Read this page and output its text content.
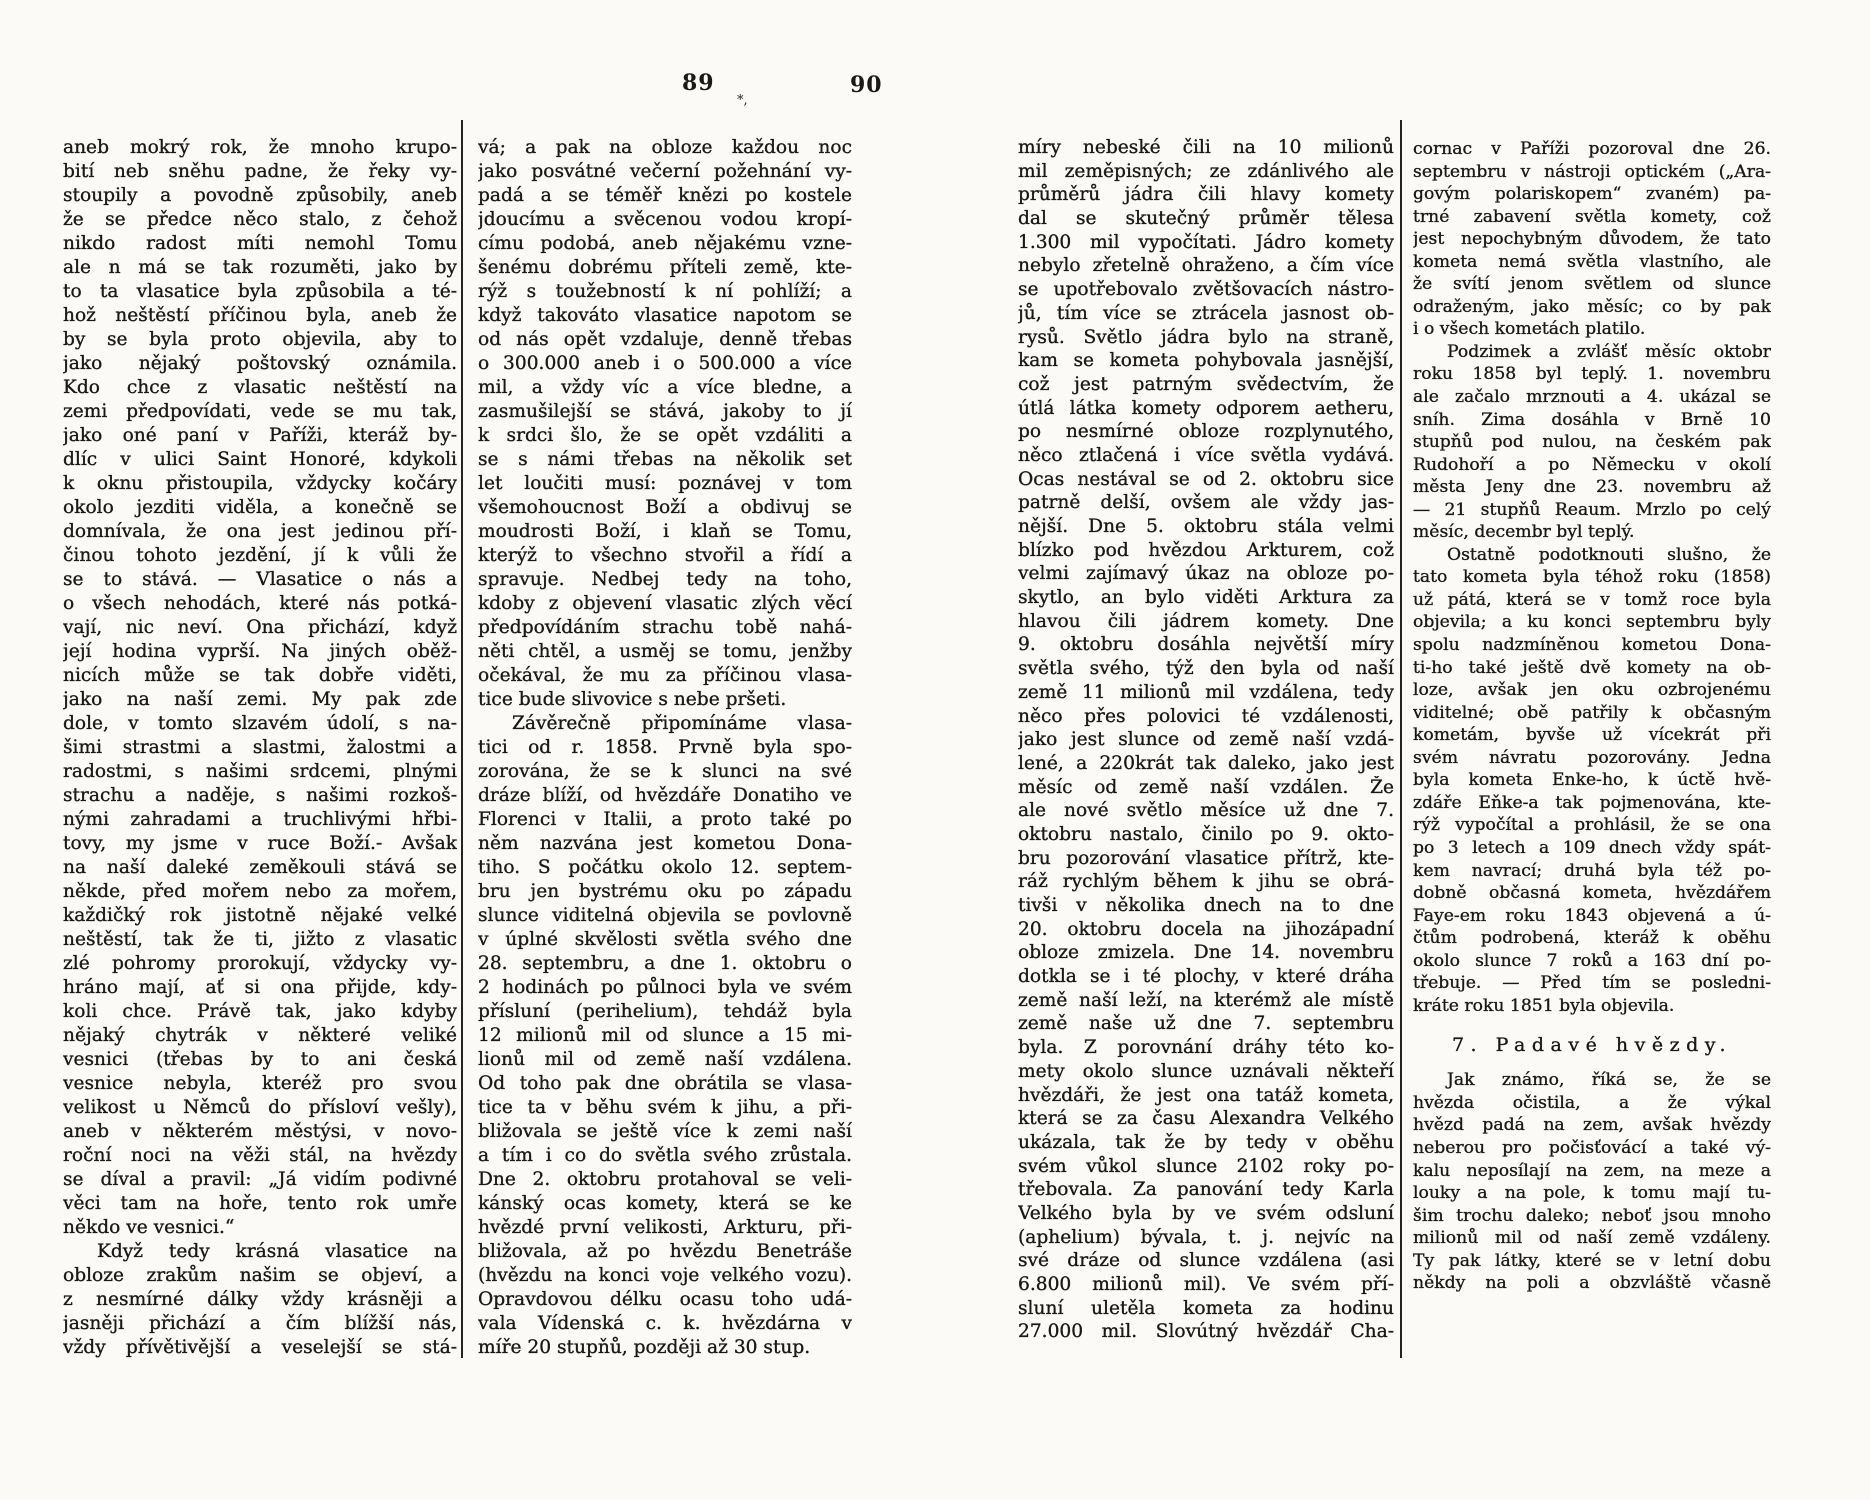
89	90
*,
aneb mokrý rok, že mnoho krupo-
bití neb sněhu padne, že řeky vy-
stoupily a povodně způsobily, aneb
že se předce něco stalo, z čehož
nikdo radost míti nemohl Tomu
ale n má se tak rozuměti, jako by
to ta vlasatice byla způsobila a té-
hož neštěstí příčinou byla, aneb že
by se byla proto objevila, aby to
jako nějaký poštovský oznámila.
Kdo chce z vlasatic neštěstí na
zemi předpovídati, vede se mu tak,
jako oné paní v Paříži, kteráž by-
dlíc v ulici Saint Honoré, kdykoli
k oknu přistoupila, vždycky kočáry
okolo jezditi viděla, a konečně se
domnívala, že ona jest jedinou pří-
činou tohoto jezdění, jí k vůli že
se to stává. — Vlasatice o nás a
o všech nehodách, které nás potká-
vají, nic neví. Ona přichází, když
její hodina vyprší. Na jiných oběž-
nicích může se tak dobře viděti,
jako na naší zemi. My pak zde
dole, v tomto slzavém údolí, s na-
šimi strastmi a slastmi, žalostmi a
radostmi, s našimi srdcemi, plnými
strachu a naděje, s našimi rozkoš-
nými zahradami a truchlivými hřbi-
tovy, my jsme v ruce Boží.- Avšak
na naší daleké zeměkouli stává se
někde, před mořem nebo za mořem,
každičký rok jistotně nějaké velké
neštěstí, tak že ti, jižto z vlasatic
zlé pohromy prorokují, vždycky vy-
hráno mají, ať si ona přijde, kdy-
koli chce. Právě tak, jako kdyby
nějaký chytrák v některé veliké
vesnici (třebas by to ani česká
vesnice nebyla, kteréž pro svou
velikost u Němců do přísloví vešly),
aneb v některém městýsi, v novo-
roční noci na věži stál, na hvězdy
se díval a pravil: „Já vidím podivné
věci tam na hoře, tento rok umře
někdo ve vesnici.“
Když tedy krásná vlasatice na
obloze zrakům našim se objeví, a
z nesmírné dálky vždy krásněji a
jasněji přichází a čím blížší nás,
vždy přívětivější a veselejší se stá-
vá; a pak na obloze každou noc
jako posvátné večerní požehnání vy-
padá a se téměř knězi po kostele
jdoucímu a svěcenou vodou kropí-
címu podobá, aneb nějakému vzne-
šenému dobrému příteli země, kte-
rýž s toužebností k ní pohlíží; a
když takováto vlasatice napotom se
od nás opět vzdaluje, denně třebas
o 300.000 aneb i o 500.000 a více
mil, a vždy víc a více bledne, a
zasmušilejší se stává, jakoby to jí
k srdci šlo, že se opět vzdáliti a
se s námi třebas na několik set
let loučiti musí: poznávej v tom
všemohoucnost Boží a obdivuj se
moudrosti Boží, i klaň se Tomu,
kterýž to všechno stvořil a řídí a
spravuje. Nedbej tedy na toho,
kdoby z objevení vlasatic zlých věcí
předpovídáním strachu tobě nahá-
něti chtěl, a usměj se tomu, jenžby
očekával, že mu za příčinou vlasa-
tice bude slivovice s nebe pršeti.
Závěrečně připomínáme vlasa-
tici od r. 1858. Prvně byla spo-
zorována, že se k slunci na své
dráze blíží, od hvězdáře Donatiho ve
Florenci v Italii, a proto také po
něm nazvána jest kometou Dona-
tiho. S počátku okolo 12. septem-
bru jen bystrému oku po západu
slunce viditelná objevila se povlovně
v úplné skvělosti světla svého dne
28. septembru, a dne 1. oktobru o
2 hodinách po půlnoci byla ve svém
přísluní (perihelium), tehdáž byla
12 milionů mil od slunce a 15 mi-
lionů mil od země naší vzdálena.
Od toho pak dne obrátila se vlasa-
tice ta v běhu svém k jihu, a při-
bližovala se ještě více k zemi naší
a tím i co do světla svého zrůstala.
Dne 2. oktobru protahoval se veli-
kánský ocas komety, která se ke
hvězdé první velikosti, Arkturu, při-
bližovala, až po hvězdu Benetráše
(hvězdu na konci voje velkého vozu).
Opravdovou délku ocasu toho udá-
vala Vídenská c. k. hvězdárna v
míře 20 stupňů, později až 30 stup.
míry nebeské čili na 10 milionů
mil zeměpisných; ze zdánlivého ale
průměrů jádra čili hlavy komety
dal se skutečný průměr tělesa
1.300 mil vypočítati. Jádro komety
nebylo zřetelně ohraženo, a čím více
se upotřebovalo zvětšovacích nástro-
jů, tím více se ztrácela jasnost ob-
rysů. Světlo jádra bylo na straně,
kam se kometa pohybovala jasnější,
což jest patrným svědectvím, že
útlá látka komety odporem aetheru,
po nesmírné obloze rozplynutého,
něco ztlačená i více světla vydává.
Ocas nestával se od 2. oktobru sice
patrně delší, ovšem ale vždy jas-
nější. Dne 5. oktobru stála velmi
blízko pod hvězdou Arkturem, což
velmi zajímavý úkaz na obloze po-
skytlo, an bylo viděti Arktura za
hlavou čili jádrem komety. Dne
9. oktobru dosáhla největší míry
světla svého, týž den byla od naší
země 11 milionů mil vzdálena, tedy
něco přes polovici té vzdálenosti,
jako jest slunce od země naší vzdá-
lené, a 220krát tak daleko, jako jest
měsíc od země naší vzdálen. Že
ale nové světlo měsíce už dne 7.
oktobru nastalo, činilo po 9. okto-
bru pozorování vlasatice přítrž, kte-
ráž rychlým během k jihu se obrá-
tivši v několika dnech na to dne
20. oktobru docela na jihozápadní
obloze zmizela. Dne 14. novembru
dotkla se i té plochy, v které dráha
země naší leží, na kterémž ale místě
země naše už dne 7. septembru
byla. Z porovnání dráhy této ko-
mety okolo slunce uznávali někteří
hvězdáři, že jest ona tatáž kometa,
která se za času Alexandra Velkého
ukázala, tak že by tedy v oběhu
svém vůkol slunce 2102 roky po-
třebovala. Za panování tedy Karla
Velkého byla by ve svém odsluní
(aphelium) bývala, t. j. nejvíc na
své dráze od slunce vzdálena (asi
6.800 milionů mil). Ve svém pří-
sluní uletěla kometa za hodinu
27.000 mil. Slovútný hvězdář Cha-
cornac v Paříži pozoroval dne 26.
septembru v nástroji optickém („Ara-
govým polariskopem“ zvaném) pa-
trné zabavení světla komety, což
jest nepochybným důvodem, že tato
kometa nemá světla vlastního, ale
že svítí jenom světlem od slunce
odraženým, jako měsíc; co by pak
i o všech kometách platilo.
Podzimek a zvlášť měsíc oktobr
roku 1858 byl teplý. 1. novembru
ale začalo mrznouti a 4. ukázal se
sníh. Zima dosáhla v Brně 10
stupňů pod nulou, na českém pak
Rudohoří a po Německu v okolí
města Jeny dne 23. novembru až
— 21 stupňů Reaum. Mrzlo po celý
měsíc, decembr byl teplý.
Ostatně podotknouti slušno, že
tato kometa byla téhož roku (1858)
už pátá, která se v tomž roce byla
objevila; a ku konci septembru byly
spolu nadzmíněnou kometou Dona-
ti-ho také ještě dvě komety na ob-
loze, avšak jen oku ozbrojenému
viditelné; obě patřily k občasným
kometám, byvše už vícekrát při
svém návratu pozorovány. Jedna
byla kometa Enke-ho, k úctě hvě-
zdáře Eňke-a tak pojmenována, kte-
rýž vypočítal a prohlásil, že se ona
po 3 letech a 109 dnech vždy spát-
kem navrací; druhá byla též po-
dobně občasná kometa, hvězdářem
Faye-em roku 1843 objevená a ú-
čtům podrobená, kteráž k oběhu
okolo slunce 7 roků a 163 dní po-
třebuje. — Před tím se posledni-
kráte roku 1851 byla objevila.
7. Padavé hvězdy.
Jak známo, říká se, že se
hvězda očistila, a že výkal
hvězd padá na zem, avšak hvězdy
neberou pro počisťovácí a také vý-
kalu neposílají na zem, na meze a
louky a na pole, k tomu mají tu-
šim trochu daleko; neboť jsou mnoho
milionů mil od naší země vzdáleny.
Ty pak látky, které se v letní dobu
někdy na poli a obzvláště včasně
